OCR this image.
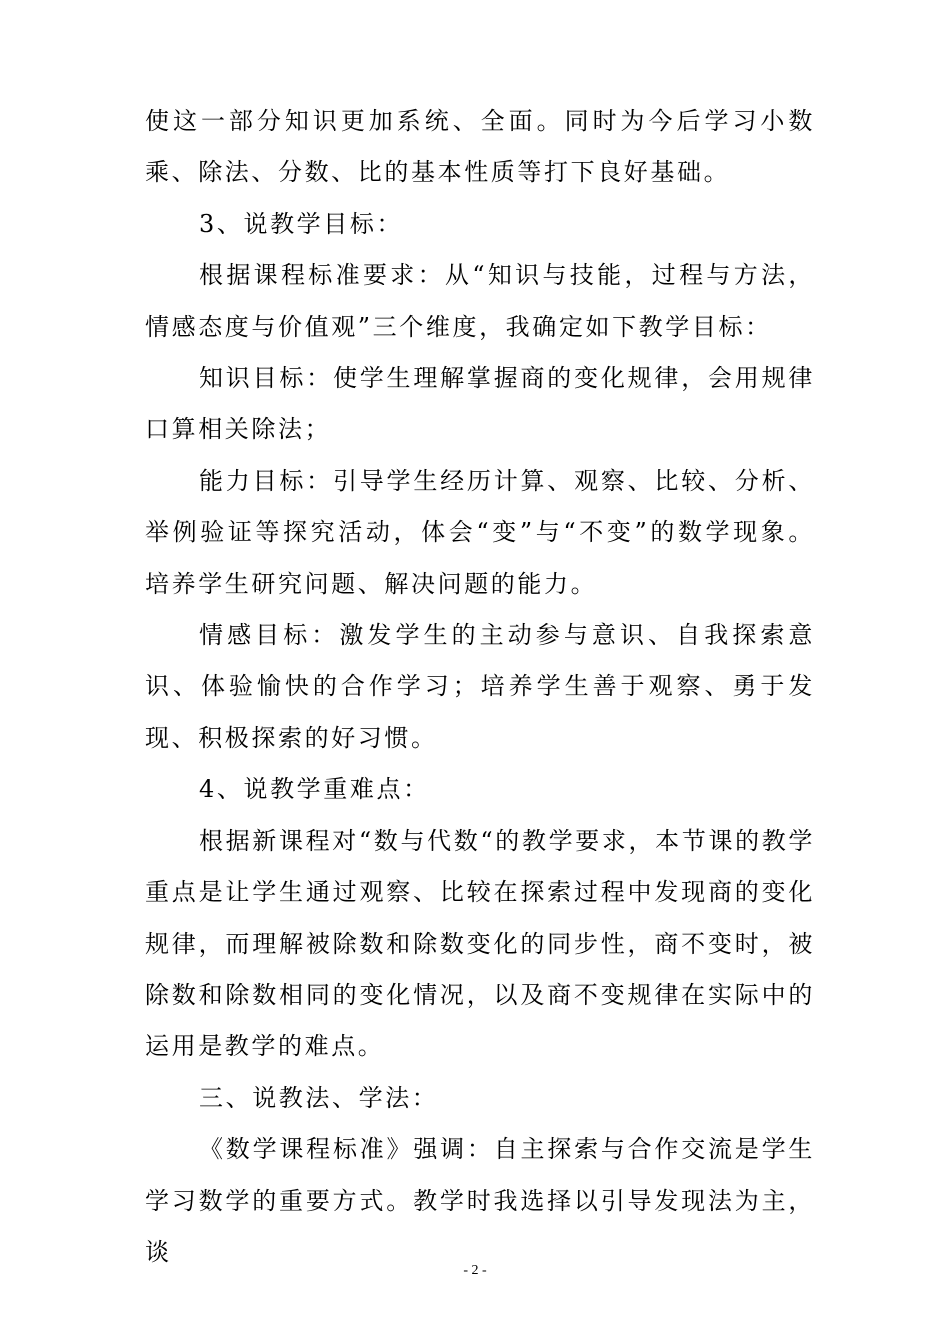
使这一部分知识更加系统、全面。同时为今后学习小数乘、除法、分数、比的基本性质等打下良好基础。

3、说教学目标：

根据课程标准要求：从“知识与技能，过程与方法，情感态度与价值观”三个维度，我确定如下教学目标：

知识目标：使学生理解掌握商的变化规律，会用规律口算相关除法；

能力目标：引导学生经历计算、观察、比较、分析、举例验证等探究活动，体会“变”与“不变”的数学现象。培养学生研究问题、解决问题的能力。

情感目标：激发学生的主动参与意识、自我探索意识、体验愉快的合作学习；培养学生善于观察、勇于发现、积极探索的好习惯。

4、说教学重难点：

根据新课程对“数与代数“的教学要求，本节课的教学重点是让学生通过观察、比较在探索过程中发现商的变化规律，而理解被除数和除数变化的同步性，商不变时，被除数和除数相同的变化情况，以及商不变规律在实际中的运用是教学的难点。

三、说教法、学法：

《数学课程标准》强调：自主探索与合作交流是学生学习数学的重要方式。教学时我选择以引导发现法为主，谈

- 2 -
